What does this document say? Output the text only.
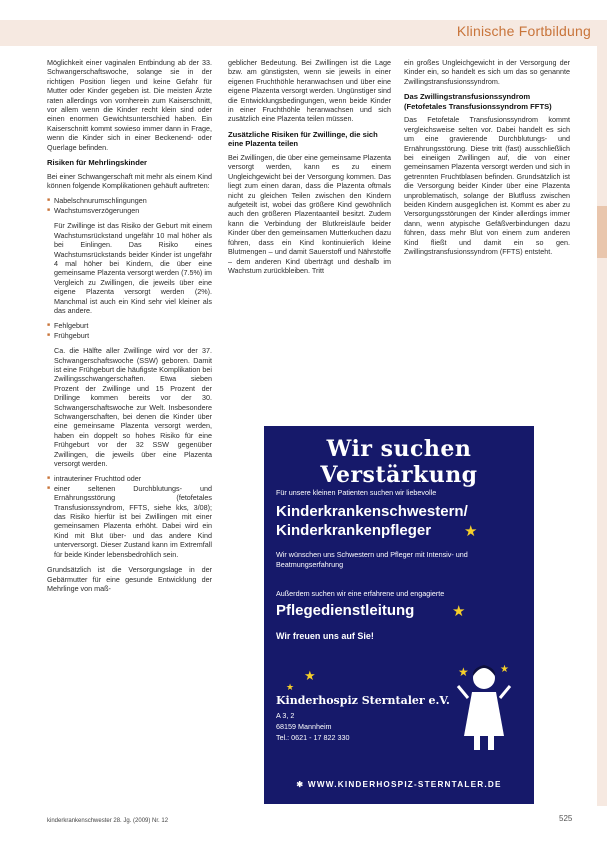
Klinische Fortbildung

Möglichkeit einer vaginalen Entbindung ab der 33. Schwangerschaftswoche, solange sie in der richtigen Position liegen und keine Gefahr für Mutter oder Kinder gegeben ist. Die meisten Ärzte raten allerdings von vornherein zum Kaiserschnitt, vor allem wenn die Kinder recht klein sind oder einen enormen Gewichtsunterschied haben. Ein Kaiserschnitt kommt sowieso immer dann in Frage, wenn die Kinder sich in einer Beckenend- oder Querlage befinden.

Risiken für Mehrlingskinder

Bei einer Schwangerschaft mit mehr als einem Kind können folgende Komplikationen gehäuft auftreten:

■ Nabelschnurumschlingungen
■ Wachstumsverzögerungen

Für Zwillinge ist das Risiko der Geburt mit einem Wachstumsrückstand ungefähr 10 mal höher als bei Einlingen. Das Risiko eines Wachstumsrückstands beider Kinder ist ungefähr 4 mal höher bei Kindern, die über eine gemeinsame Plazenta versorgt werden (7.5%) im Vergleich zu Zwillingen, die jeweils über eine eigene Plazenta versorgt werden (2%). Manchmal ist auch ein Kind sehr viel kleiner als das andere.

■ Fehlgeburt
■ Frühgeburt

Ca. die Hälfte aller Zwillinge wird vor der 37. Schwangerschaftswoche (SSW) geboren. Damit ist eine Frühgeburt die häufigste Komplikation bei Zwillingsschwangerschaften. Etwa sieben Prozent der Zwillinge und 15 Prozent der Drillinge kommen bereits vor der 30. Schwangerschaftswoche zur Welt. Insbesondere Schwangerschaften, bei denen die Kinder über eine gemeinsame Plazenta versorgt werden, haben ein doppelt so hohes Risiko für eine Frühgeburt vor der 32 SSW gegenüber Zwillingen, die jeweils über eine Plazenta versorgt werden.

■ intrauteriner Fruchttod oder
■ einer seltenen Durchblutungs- und Ernährungsstörung (fetofetales Transfusionssyndrom, FFTS, siehe kks, 3/08); das Risiko hierfür ist bei Zwillingen mit einer gemeinsamen Plazenta erhöht. Dabei wird ein Kind mit Blut über- und das andere Kind unterversorgt. Dieser Zustand kann im Extremfall für beide Kinder lebensbedrohlich sein.

Grundsätzlich ist die Versorgungslage in der Gebärmutter für eine gesunde Entwicklung der Mehrlinge von maß-

geblicher Bedeutung. Bei Zwillingen ist die Lage bzw. am günstigsten, wenn sie jeweils in einer eigenen Fruchthöhle heranwachsen und über eine eigene Plazenta versorgt werden. Ungünstiger sind die Entwicklungsbedingungen, wenn beide Kinder in einer Fruchthöhle heranwachsen und sich zusätzlich eine Plazenta teilen müssen.

Zusätzliche Risiken für Zwillinge, die sich eine Plazenta teilen

Bei Zwillingen, die über eine gemeinsame Plazenta versorgt werden, kann es zu einem Ungleichgewicht bei der Versorgung kommen. Das liegt zum einen daran, dass die Plazenta oftmals nicht zu gleichen Teilen zwischen den Kindern aufgeteilt ist, wobei das größere Kind gewöhnlich auch den größeren Plazentaanteil besitzt. Zudem kann die Verbindung der Blutkreisläufe beider Kinder über den gemeinsamen Mutterkuchen dazu führen, dass ein Kind kontinuierlich kleine Blutmengen – und damit Sauerstoff und Nährstoffe – dem anderen Kind überträgt und deshalb im Wachstum zurückbleiben. Tritt

ein großes Ungleichgewicht in der Versorgung der Kinder ein, so handelt es sich um das so genannte Zwillingstransfusionssyndrom.

Das Zwillingstransfusionssyndrom (Fetofetales Transfusionssyndrom FFTS)

Das Fetofetale Transfusionssyndrom kommt vergleichsweise selten vor. Dabei handelt es sich um eine gravierende Durchblutungs- und Ernährungsstörung. Diese tritt (fast) ausschließlich bei eineiigen Zwillingen auf, die von einer gemeinsamen Plazenta versorgt werden und sich in getrennten Fruchtblasen befinden. Grundsätzlich ist die Versorgung beider Kinder über eine Plazenta unproblematisch, solange der Blutfluss zwischen beiden Kindern ausgeglichen ist. Kommt es aber zu Versorgungsstörungen der Kinder allerdings immer dann, wenn atypische Gefäßverbindungen dazu führen, dass mehr Blut von einem zum anderen Kind fließt und damit ein so gen. Zwillingstransfusionssyndrom (FFTS) entsteht.

Wir suchen Verstärkung
Für unsere kleinen Patienten suchen wir liebevolle
Kinderkrankenschwestern/ Kinderkrankenpfleger	★
Wir wünschen uns Schwestern und Pfleger mit Intensiv- und Beatmungserfahrung
Außerdem suchen wir eine erfahrene und engagierte
Pflegedienstleitung	★
Wir freuen uns auf Sie!
★
★
Kinderhospiz Sterntaler e.V.
A 3, 2
68159 Mannheim
Tel.: 0621 - 17 822 330
★	★
✱ WWW.KINDERHOSPIZ-STERNTALER.DE
kinderkrankenschwester 28. Jg. (2009) Nr. 12	525
